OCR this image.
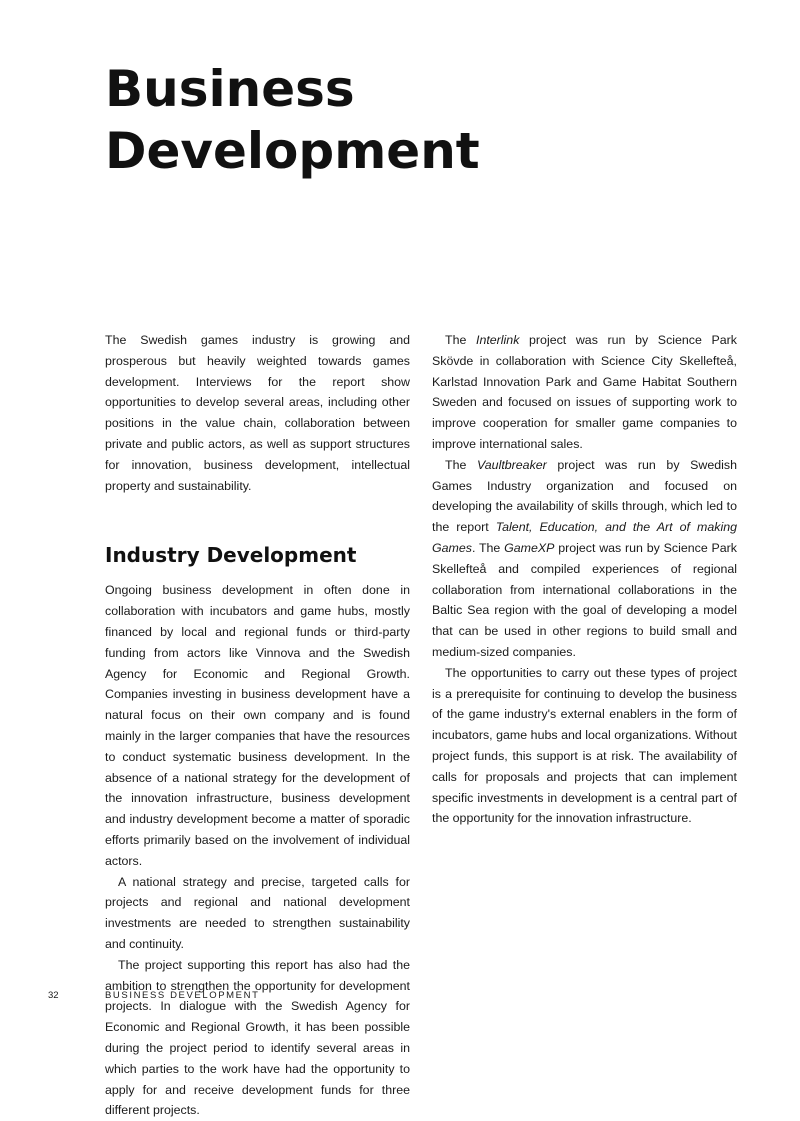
Business
Development

The Swedish games industry is growing and prosperous but heavily weighted towards games development. Interviews for the report show opportunities to develop several areas, including other positions in the value chain, collaboration between private and public actors, as well as support structures for innovation, business development, intellectual property and sustainability.

Industry Development

Ongoing business development in often done in collaboration with incubators and game hubs, mostly financed by local and regional funds or third-party funding from actors like Vinnova and the Swedish Agency for Economic and Regional Growth. Companies investing in business development have a natural focus on their own company and is found mainly in the larger companies that have the resources to conduct systematic business development. In the absence of a national strategy for the development of the innovation infrastructure, business development and industry development become a matter of sporadic efforts primarily based on the involvement of individual actors.

A national strategy and precise, targeted calls for projects and regional and national development investments are needed to strengthen sustainability and continuity.

The project supporting this report has also had the ambition to strengthen the opportunity for development projects. In dialogue with the Swedish Agency for Economic and Regional Growth, it has been possible during the project period to identify several areas in which parties to the work have had the opportunity to apply for and receive development funds for three different projects.

The Interlink project was run by Science Park Skövde in collaboration with Science City Skellefteå, Karlstad Innovation Park and Game Habitat Southern Sweden and focused on issues of supporting work to improve cooperation for smaller game companies to improve international sales.

The Vaultbreaker project was run by Swedish Games Industry organization and focused on developing the availability of skills through, which led to the report Talent, Education, and the Art of making Games. The GameXP project was run by Science Park Skellefteå and compiled experiences of regional collaboration from international collaborations in the Baltic Sea region with the goal of developing a model that can be used in other regions to build small and medium-sized companies.

The opportunities to carry out these types of project is a prerequisite for continuing to develop the business of the game industry's external enablers in the form of incubators, game hubs and local organizations. Without project funds, this support is at risk. The availability of calls for proposals and projects that can implement specific investments in development is a central part of the opportunity for the innovation infrastructure.

32	BUSINESS DEVELOPMENT
